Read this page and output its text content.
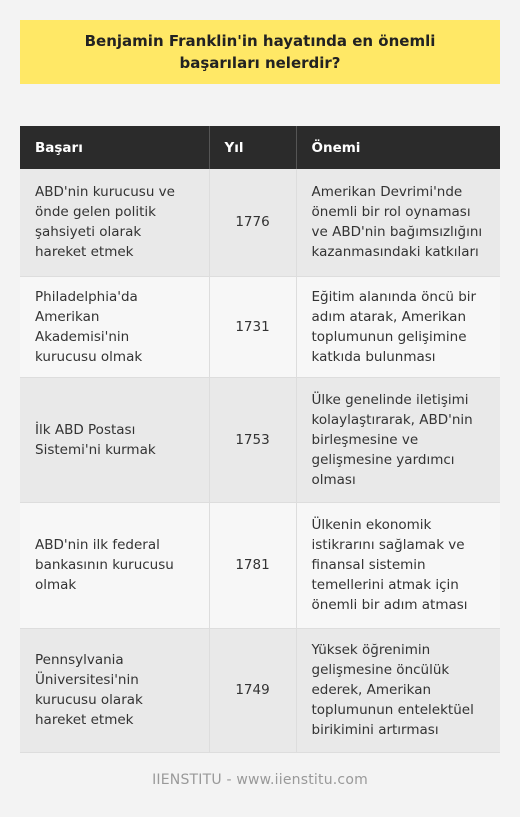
Benjamin Franklin'in hayatında en önemli başarıları nelerdir?
Başarı	Yıl	Önemi
ABD'nin kurucusu ve önde gelen politik şahsiyeti olarak hareket etmek	1776	Amerikan Devrimi'nde önemli bir rol oynaması ve ABD'nin bağımsızlığını kazanmasındaki katkıları
Philadelphia'da Amerikan Akademisi'nin kurucusu olmak	1731	Eğitim alanında öncü bir adım atarak, Amerikan toplumunun gelişimine katkıda bulunması
İlk ABD Postası Sistemi'ni kurmak	1753	Ülke genelinde iletişimi kolaylaştırarak, ABD'nin birleşmesine ve gelişmesine yardımcı olması
ABD'nin ilk federal bankasının kurucusu olmak	1781	Ülkenin ekonomik istikrarını sağlamak ve finansal sistemin temellerini atmak için önemli bir adım atması
Pennsylvania Üniversitesi'nin kurucusu olarak hareket etmek	1749	Yüksek öğrenimin gelişmesine öncülük ederek, Amerikan toplumunun entelektüel birikimini artırması
IIENSTITU - www.iienstitu.com
